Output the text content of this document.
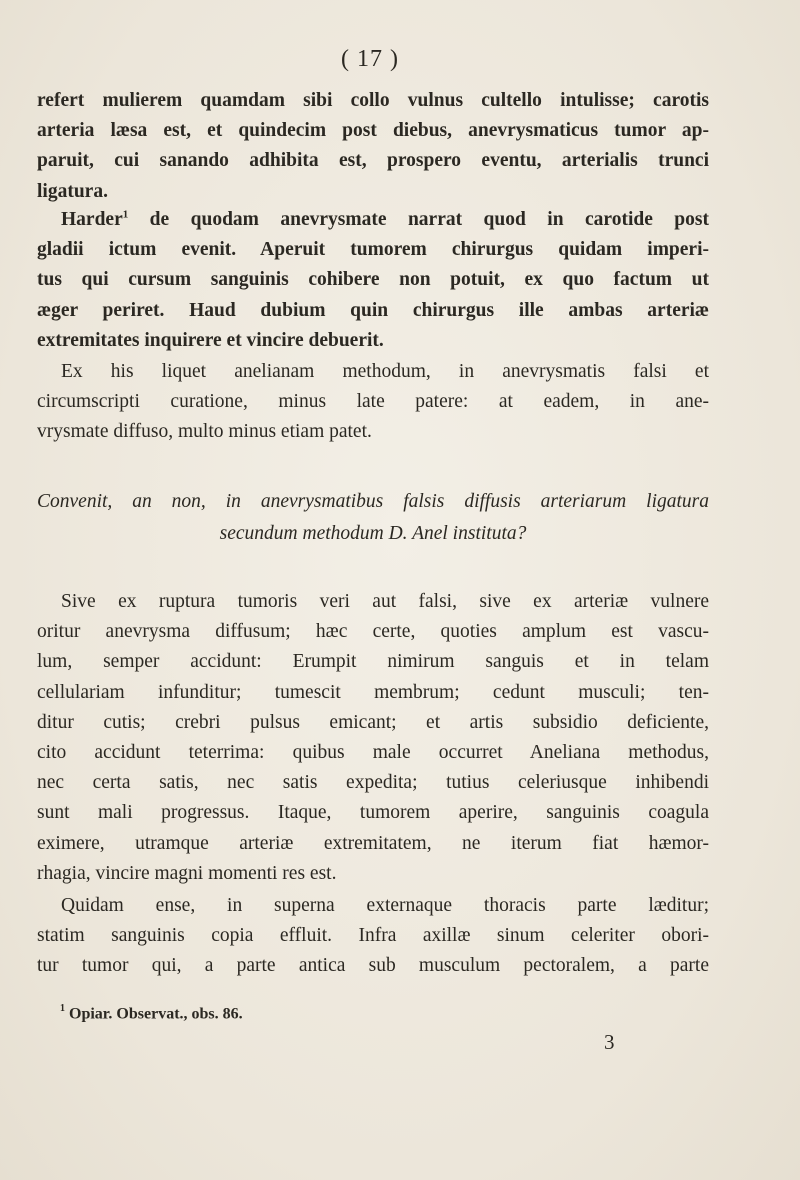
( 17 )
refert mulierem quamdam sibi collo vulnus cultello intulisse; carotis
arteria læsa est, et quindecim post diebus, anevrysmaticus tumor ap-
paruit, cui sanando adhibita est, prospero eventu, arterialis trunci
ligatura.
Harder$^1$ de quodam anevrysmate narrat quod in carotide post
gladii ictum evenit. Aperuit tumorem chirurgus quidam imperi-
tus qui cursum sanguinis cohibere non potuit, ex quo factum ut
æger periret. Haud dubium quin chirurgus ille ambas arteriæ
extremitates inquirere et vincire debuerit.
Ex his liquet anelianam methodum, in anevrysmatis falsi et
circumscripti curatione, minus late patere: at eadem, in ane-
vrysmate diffuso, multo minus etiam patet.
Convenit, an non, in anevrysmatibus falsis diffusis arteriarum ligatura
secundum methodum D. Anel instituta?
Sive ex ruptura tumoris veri aut falsi, sive ex arteriæ vulnere
oritur anevrysma diffusum; hæc certe, quoties amplum est vascu-
lum, semper accidunt: Erumpit nimirum sanguis et in telam
cellulariam infunditur; tumescit membrum; cedunt musculi; ten-
ditur cutis; crebri pulsus emicant; et artis subsidio deficiente,
cito accidunt teterrima: quibus male occurret Aneliana methodus,
nec certa satis, nec satis expedita; tutius celeriusque inhibendi
sunt mali progressus. Itaque, tumorem aperire, sanguinis coagula
eximere, utramque arteriæ extremitatem, ne iterum fiat hæmor-
rhagia, vincire magni momenti res est.
Quidam ense, in superna externaque thoracis parte læditur;
statim sanguinis copia effluit. Infra axillæ sinum celeriter obori-
tur tumor qui, a parte antica sub musculum pectoralem, a parte
$^1$ Opiar. Observat., obs. 86.
3
